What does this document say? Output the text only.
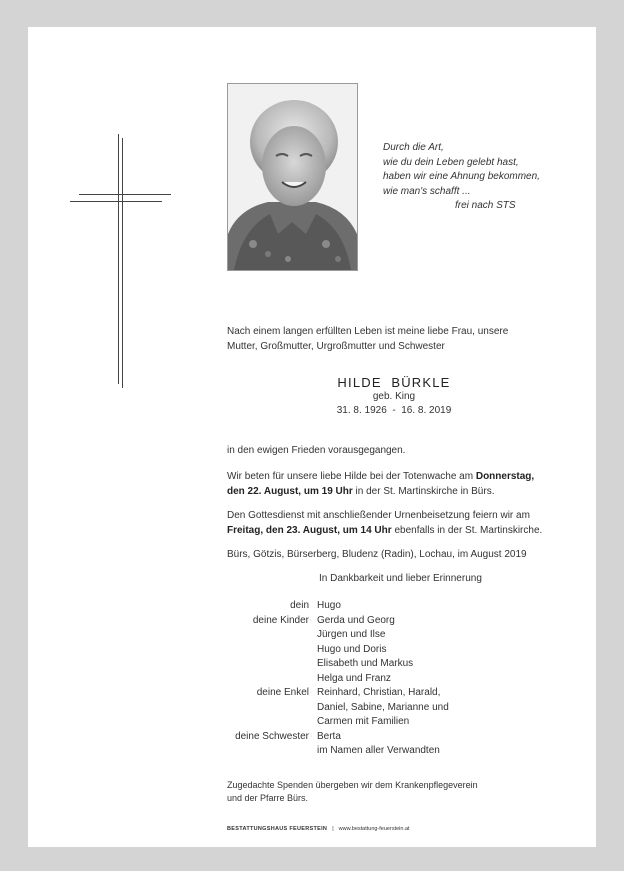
Durch die Art,
wie du dein Leben gelebt hast,
haben wir eine Ahnung bekommen,
wie man's schafft ...
frei nach STS
Nach einem langen erfüllten Leben ist meine liebe Frau, unsere
Mutter, Großmutter, Urgroßmutter und Schwester
HILDE  BÜRKLE
geb. King
31. 8. 1926  -  16. 8. 2019
in den ewigen Frieden vorausgegangen.
Wir beten für unsere liebe Hilde bei der Totenwache am Donnerstag,
den 22. August, um 19 Uhr in der St. Martinskirche in Bürs.
Den Gottesdienst mit anschließender Urnenbeisetzung feiern wir am
Freitag, den 23. August, um 14 Uhr ebenfalls in der St. Martinskirche.
Bürs, Götzis, Bürserberg, Bludenz (Radin), Lochau, im August 2019
In Dankbarkeit und lieber Erinnerung
dein Hugo
deine Kinder · Gerda und Georg
Jürgen und Ilse
Hugo und Doris
Elisabeth und Markus
Helga und Franz
deine Enkel · Reinhard, Christian, Harald,
Daniel, Sabine, Marianne und
Carmen mit Familien
deine Schwester · Berta
im Namen aller Verwandten
Zugedachte Spenden übergeben wir dem Krankenpflegeverein
und der Pfarre Bürs.
BESTATTUNGSHAUS FEUERSTEIN | www.bestattung-feuerstein.at
